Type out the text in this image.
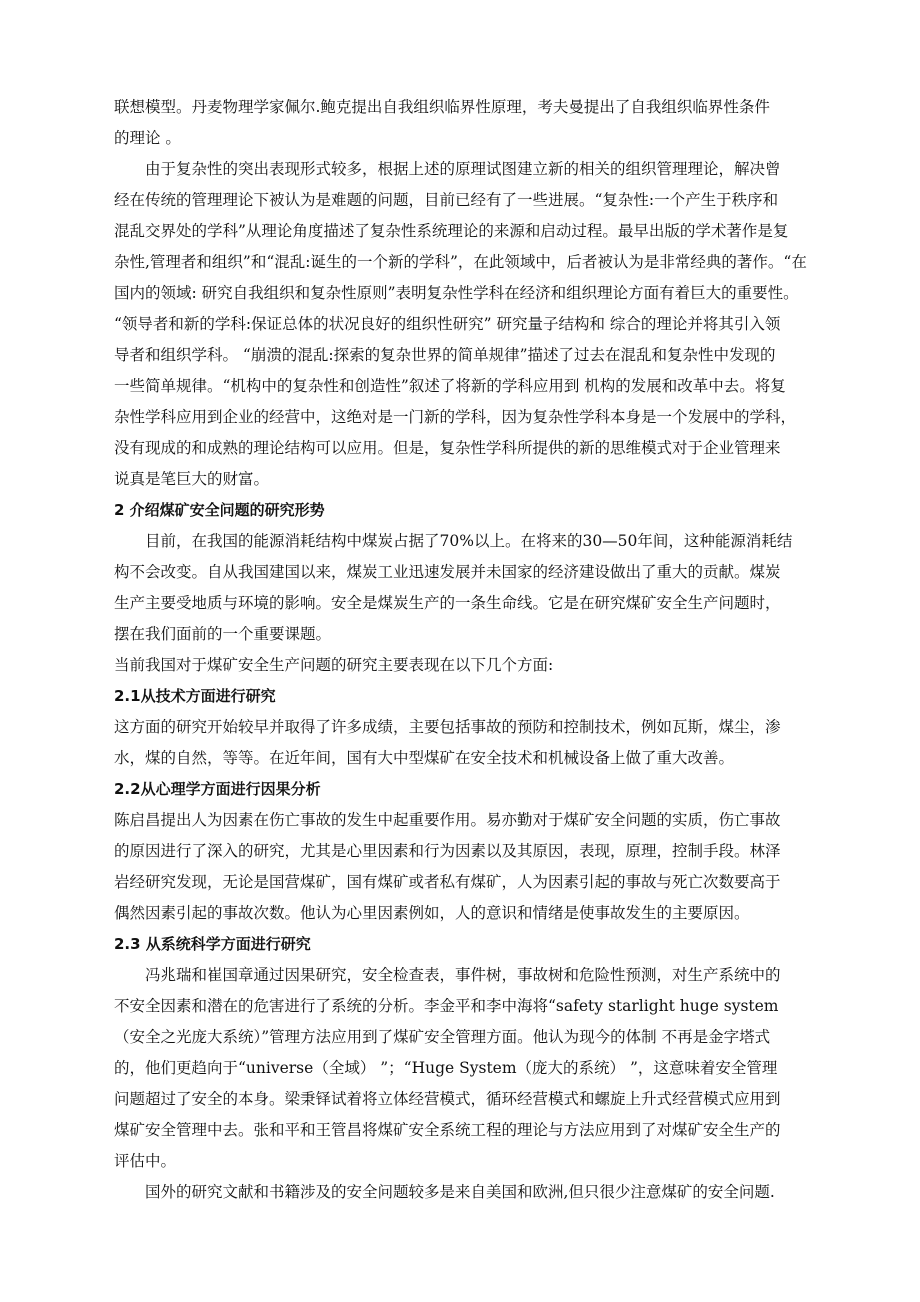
联想模型。丹麦物理学家佩尔.鲍克提出自我组织临界性原理，考夫曼提出了自我组织临界性条件
的理论 。
由于复杂性的突出表现形式较多，根据上述的原理试图建立新的相关的组织管理理论，解决曾
经在传统的管理理论下被认为是难题的问题，目前已经有了一些进展。“复杂性:一个产生于秩序和
混乱交界处的学科”从理论角度描述了复杂性系统理论的来源和启动过程。最早出版的学术著作是复
杂性,管理者和组织”和“混乱:诞生的一个新的学科”，在此领域中，后者被认为是非常经典的著作。“在
国内的领域: 研究自我组织和复杂性原则”表明复杂性学科在经济和组织理论方面有着巨大的重要性。
“领导者和新的学科:保证总体的状况良好的组织性研究” 研究量子结构和 综合的理论并将其引入领
导者和组织学科。 “崩溃的混乱:探索的复杂世界的简单规律”描述了过去在混乱和复杂性中发现的
一些简单规律。“机构中的复杂性和创造性”叙述了将新的学科应用到 机构的发展和改革中去。将复
杂性学科应用到企业的经营中，这绝对是一门新的学科，因为复杂性学科本身是一个发展中的学科，
没有现成的和成熟的理论结构可以应用。但是，复杂性学科所提供的新的思维模式对于企业管理来
说真是笔巨大的财富。
2 介绍煤矿安全问题的研究形势
目前，在我国的能源消耗结构中煤炭占据了70%以上。在将来的30—50年间，这种能源消耗结
构不会改变。自从我国建国以来，煤炭工业迅速发展并未国家的经济建设做出了重大的贡献。煤炭
生产主要受地质与环境的影响。安全是煤炭生产的一条生命线。它是在研究煤矿安全生产问题时，
摆在我们面前的一个重要课题。
当前我国对于煤矿安全生产问题的研究主要表现在以下几个方面:
2.1从技术方面进行研究
这方面的研究开始较早并取得了许多成绩，主要包括事故的预防和控制技术，例如瓦斯，煤尘，渗
水，煤的自然，等等。在近年间，国有大中型煤矿在安全技术和机械设备上做了重大改善。
2.2从心理学方面进行因果分析
陈启昌提出人为因素在伤亡事故的发生中起重要作用。易亦勤对于煤矿安全问题的实质，伤亡事故
的原因进行了深入的研究，尤其是心里因素和行为因素以及其原因，表现，原理，控制手段。林泽
岩经研究发现，无论是国营煤矿，国有煤矿或者私有煤矿，人为因素引起的事故与死亡次数要高于
偶然因素引起的事故次数。他认为心里因素例如，人的意识和情绪是使事故发生的主要原因。
2.3 从系统科学方面进行研究
冯兆瑞和崔国章通过因果研究，安全检查表，事件树，事故树和危险性预测，对生产系统中的
不安全因素和潜在的危害进行了系统的分析。李金平和李中海将“safety starlight huge system
（安全之光庞大系统）”管理方法应用到了煤矿安全管理方面。他认为现今的体制 不再是金字塔式
的，他们更趋向于“universe（全域） ”；“Huge System（庞大的系统） ”，这意味着安全管理
问题超过了安全的本身。梁秉铎试着将立体经营模式，循环经营模式和螺旋上升式经营模式应用到
煤矿安全管理中去。张和平和王管昌将煤矿安全系统工程的理论与方法应用到了对煤矿安全生产的
评估中。
国外的研究文献和书籍涉及的安全问题较多是来自美国和欧洲,但只很少注意煤矿的安全问题.
